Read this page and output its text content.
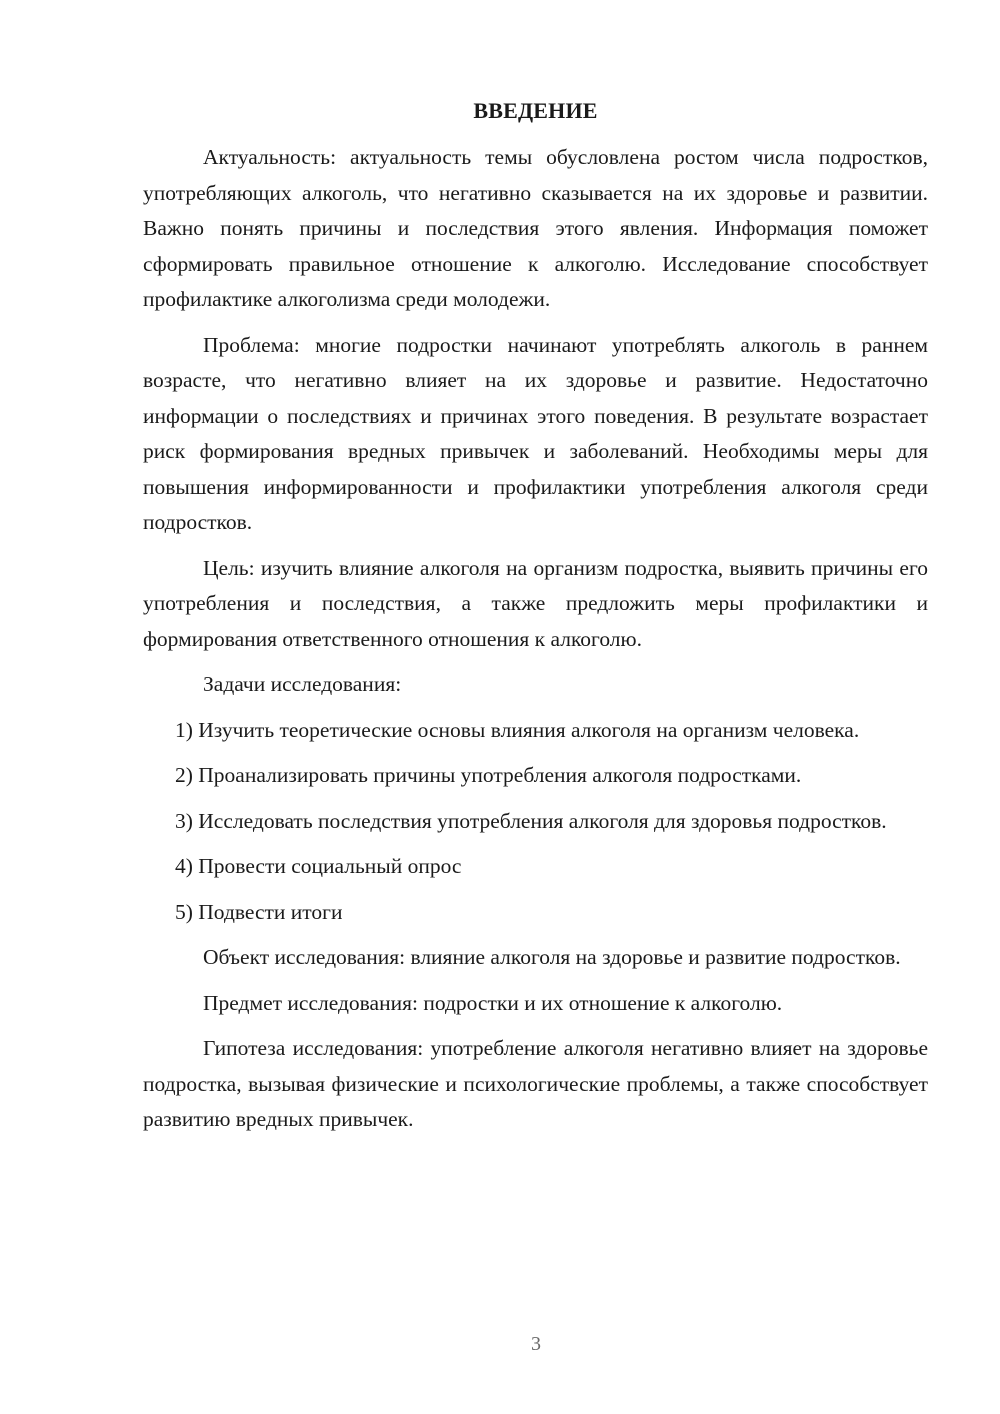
ВВЕДЕНИЕ

Актуальность: актуальность темы обусловлена ростом числа подростков, употребляющих алкоголь, что негативно сказывается на их здоровье и развитии. Важно понять причины и последствия этого явления. Информация поможет сформировать правильное отношение к алкоголю. Исследование способствует профилактике алкоголизма среди молодежи.

Проблема: многие подростки начинают употреблять алкоголь в раннем возрасте, что негативно влияет на их здоровье и развитие. Недостаточно информации о последствиях и причинах этого поведения. В результате возрастает риск формирования вредных привычек и заболеваний. Необходимы меры для повышения информированности и профилактики употребления алкоголя среди подростков.

Цель: изучить влияние алкоголя на организм подростка, выявить причины его употребления и последствия, а также предложить меры профилактики и формирования ответственного отношения к алкоголю.

Задачи исследования:

1) Изучить теоретические основы влияния алкоголя на организм человека.

2) Проанализировать причины употребления алкоголя подростками.

3) Исследовать последствия употребления алкоголя для здоровья подростков.

4) Провести социальный опрос

5) Подвести итоги

Объект исследования: влияние алкоголя на здоровье и развитие подростков.

Предмет исследования: подростки и их отношение к алкоголю.

Гипотеза исследования: употребление алкоголя негативно влияет на здоровье подростка, вызывая физические и психологические проблемы, а также способствует развитию вредных привычек.

3
